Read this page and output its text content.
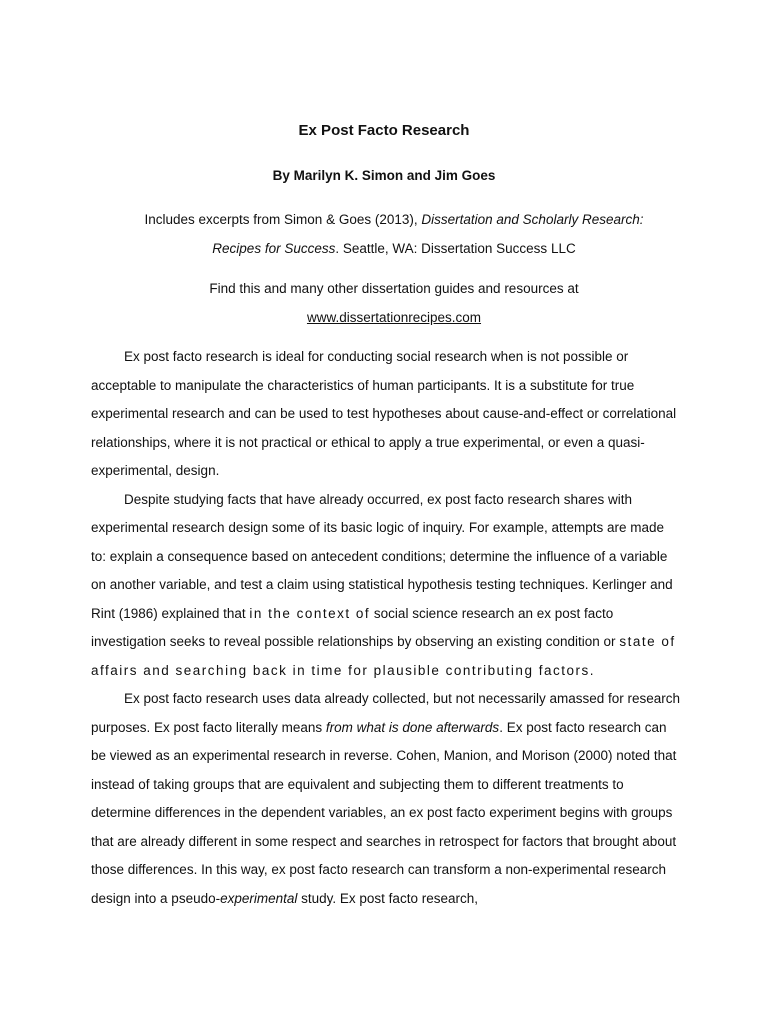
Ex Post Facto Research
By Marilyn K. Simon and Jim Goes
Includes excerpts from Simon & Goes (2013), Dissertation and Scholarly Research: Recipes for Success. Seattle, WA: Dissertation Success LLC
Find this and many other dissertation guides and resources at
www.dissertationrecipes.com

Ex post facto research is ideal for conducting social research when is not possible or acceptable to manipulate the characteristics of human participants. It is a substitute for true experimental research and can be used to test hypotheses about cause-and-effect or correlational relationships, where it is not practical or ethical to apply a true experimental, or even a quasi-experimental, design.

Despite studying facts that have already occurred, ex post facto research shares with experimental research design some of its basic logic of inquiry. For example, attempts are made to: explain a consequence based on antecedent conditions; determine the influence of a variable on another variable, and test a claim using statistical hypothesis testing techniques. Kerlinger and Rint (1986) explained that in the context of social science research an ex post facto investigation seeks to reveal possible relationships by observing an existing condition or state of affairs and searching back in time for plausible contributing factors.

Ex post facto research uses data already collected, but not necessarily amassed for research purposes. Ex post facto literally means from what is done afterwards. Ex post facto research can be viewed as an experimental research in reverse. Cohen, Manion, and Morison (2000) noted that instead of taking groups that are equivalent and subjecting them to different treatments to determine differences in the dependent variables, an ex post facto experiment begins with groups that are already different in some respect and searches in retrospect for factors that brought about those differences. In this way, ex post facto research can transform a non-experimental research design into a pseudo-experimental study. Ex post facto research,
